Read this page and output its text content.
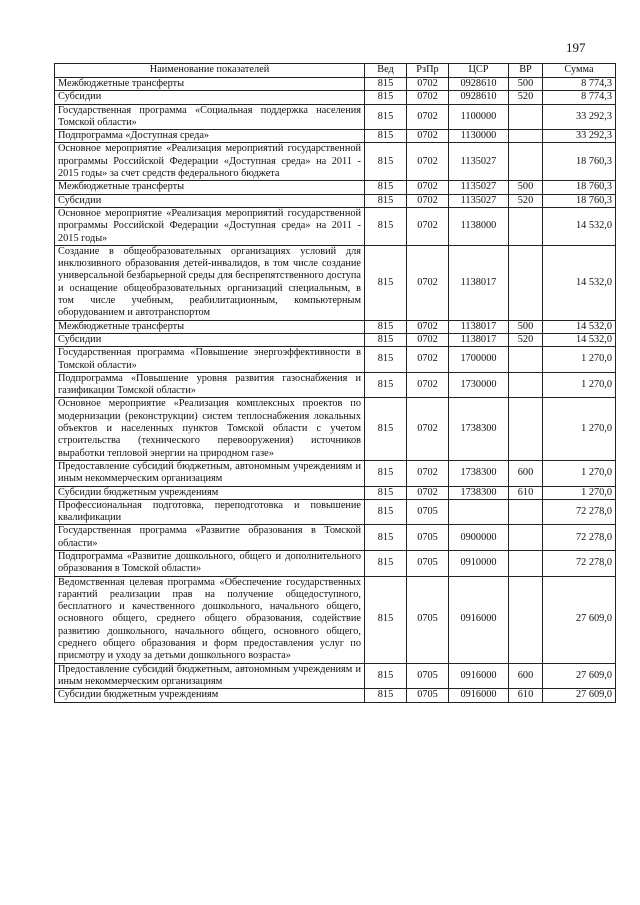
197
Наименование показателей	Вед	РзПр	ЦСР	ВР	Сумма
Межбюджетные трансферты	815	0702	0928610	500	8 774,3
Субсидии	815	0702	0928610	520	8 774,3
Государственная программа «Социальная поддержка населения Томской области»	815	0702	1100000		33 292,3
Подпрограмма «Доступная среда»	815	0702	1130000		33 292,3
Основное мероприятие «Реализация мероприятий государственной программы Российской Федерации «Доступная среда» на 2011 - 2015 годы» за счет средств федерального бюджета	815	0702	1135027		18 760,3
Межбюджетные трансферты	815	0702	1135027	500	18 760,3
Субсидии	815	0702	1135027	520	18 760,3
Основное мероприятие «Реализация мероприятий государственной программы Российской Федерации «Доступная среда» на 2011 - 2015 годы»	815	0702	1138000		14 532,0
Создание в общеобразовательных организациях условий для инклюзивного образования детей-инвалидов, в том числе создание универсальной безбарьерной среды для беспрепятственного доступа и оснащение общеобразовательных организаций специальным, в том числе учебным, реабилитационным, компьютерным оборудованием и автотранспортом	815	0702	1138017		14 532,0
Межбюджетные трансферты	815	0702	1138017	500	14 532,0
Субсидии	815	0702	1138017	520	14 532,0
Государственная программа «Повышение энергоэффективности в Томской области»	815	0702	1700000		1 270,0
Подпрограмма «Повышение уровня развития газоснабжения и газификации Томской области»	815	0702	1730000		1 270,0
Основное мероприятие «Реализация комплексных проектов по модернизации (реконструкции) систем теплоснабжения локальных объектов и населенных пунктов Томской области с учетом строительства (технического перевооружения) источников выработки тепловой энергии на природном газе»	815	0702	1738300		1 270,0
Предоставление субсидий бюджетным, автономным учреждениям и иным некоммерческим организациям	815	0702	1738300	600	1 270,0
Субсидии бюджетным учреждениям	815	0702	1738300	610	1 270,0
Профессиональная подготовка, переподготовка и повышение квалификации	815	0705			72 278,0
Государственная программа «Развитие образования в Томской области»	815	0705	0900000		72 278,0
Подпрограмма «Развитие дошкольного, общего и дополнительного образования в Томской области»	815	0705	0910000		72 278,0
Ведомственная целевая программа «Обеспечение государственных гарантий реализации прав на получение общедоступного, бесплатного и качественного дошкольного, начального общего, основного общего, среднего общего образования, содействие развитию дошкольного, начального общего, основного общего, среднего общего образования и форм предоставления услуг по присмотру и уходу за детьми дошкольного возраста»	815	0705	0916000		27 609,0
Предоставление субсидий бюджетным, автономным учреждениям и иным некоммерческим организациям	815	0705	0916000	600	27 609,0
Субсидии бюджетным учреждениям	815	0705	0916000	610	27 609,0
